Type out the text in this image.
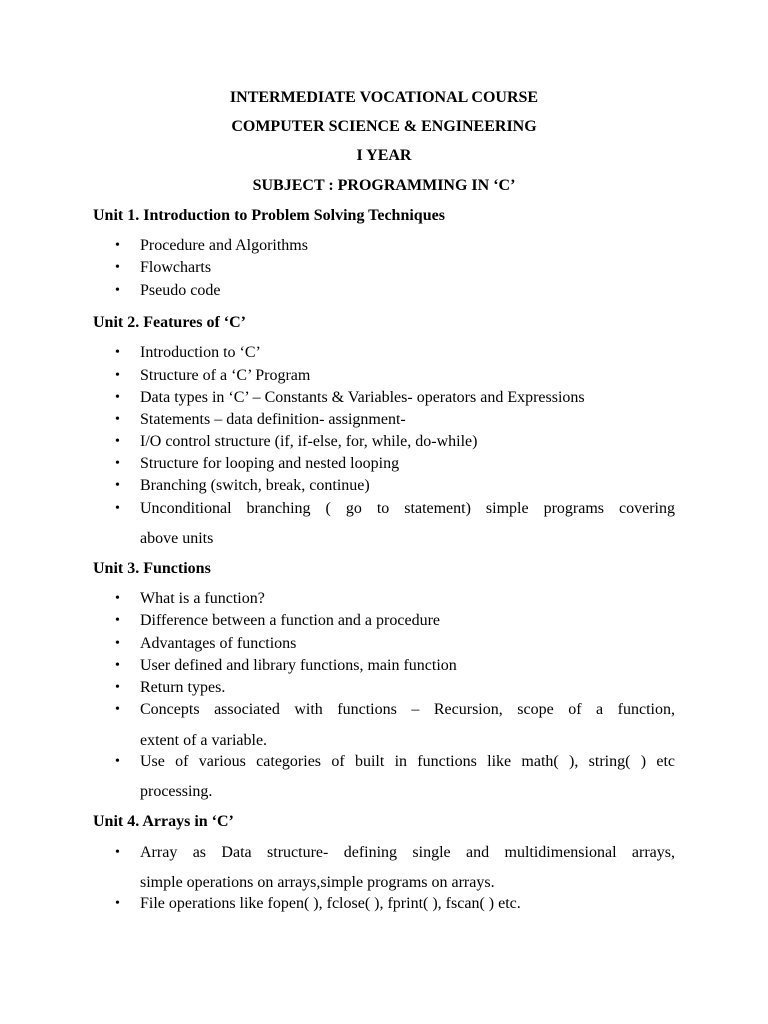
INTERMEDIATE VOCATIONAL COURSE
COMPUTER SCIENCE & ENGINEERING
I YEAR
SUBJECT : PROGRAMMING IN ‘C’
Unit 1. Introduction to Problem Solving Techniques
• Procedure and Algorithms
• Flowcharts
• Pseudo code
Unit 2. Features of ‘C’
• Introduction to ‘C’
• Structure of a ‘C’ Program
• Data types in ‘C’ – Constants & Variables- operators and Expressions
• Statements – data definition- assignment-
• I/O control structure (if, if-else, for, while, do-while)
• Structure for looping and nested looping
• Branching (switch, break, continue)
• Unconditional branching ( go to statement) simple programs covering
above units
Unit 3. Functions
• What is a function?
• Difference between a function and a procedure
• Advantages of functions
• User defined and library functions, main function
• Return types.
• Concepts associated with functions – Recursion, scope of a function,
extent of a variable.
• Use of various categories of built in functions like math( ), string( ) etc
processing.
Unit 4. Arrays in ‘C’
• Array as Data structure- defining single and multidimensional arrays,
simple operations on arrays,simple programs on arrays.
• File operations like fopen( ), fclose( ), fprint( ), fscan( ) etc.
